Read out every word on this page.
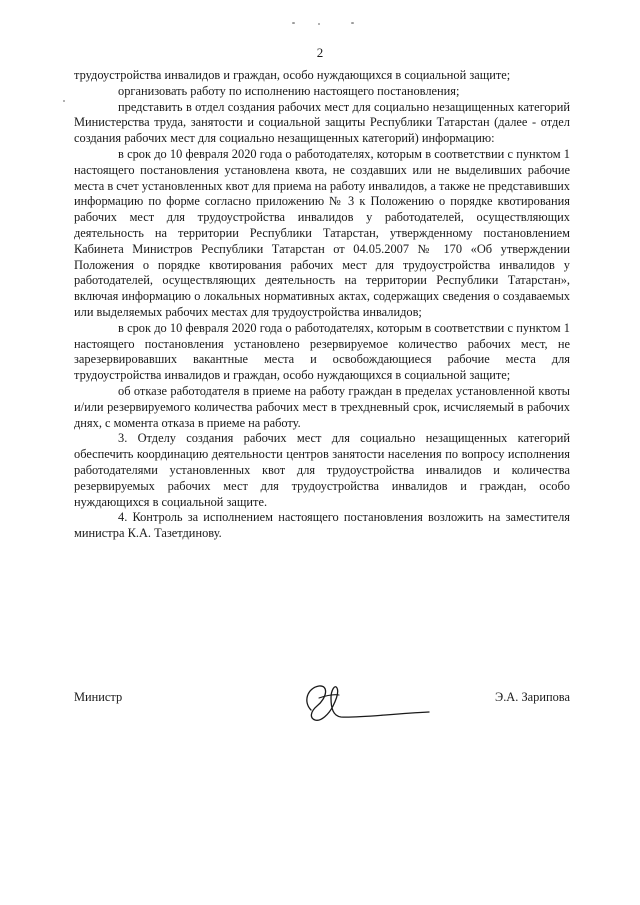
2

трудоустройства инвалидов и граждан, особо нуждающихся в социальной защите;

организовать работу по исполнению настоящего постановления;

представить в отдел создания рабочих мест для социально незащищенных категорий Министерства труда, занятости и социальной защиты Республики Татарстан (далее - отдел создания рабочих мест для социально незащищенных категорий) информацию:

в срок до 10 февраля 2020 года о работодателях, которым в соответствии с пунктом 1 настоящего постановления установлена квота, не создавших или не выделивших рабочие места в счет установленных квот для приема на работу инвалидов, а также не представивших информацию по форме согласно приложению № 3 к Положению о порядке квотирования рабочих мест для трудоустройства инвалидов у работодателей, осуществляющих деятельность на территории Республики Татарстан, утвержденному постановлением Кабинета Министров Республики Татарстан от 04.05.2007 № 170 «Об утверждении Положения о порядке квотирования рабочих мест для трудоустройства инвалидов у работодателей, осуществляющих деятельность на территории Республики Татарстан», включая информацию о локальных нормативных актах, содержащих сведения о создаваемых или выделяемых рабочих местах для трудоустройства инвалидов;

в срок до 10 февраля 2020 года о работодателях, которым в соответствии с пунктом 1 настоящего постановления установлено резервируемое количество рабочих мест, не зарезервировавших вакантные места и освобождающиеся рабочие места для трудоустройства инвалидов и граждан, особо нуждающихся в социальной защите;

об отказе работодателя в приеме на работу граждан в пределах установленной квоты и/или резервируемого количества рабочих мест в трехдневный срок, исчисляемый в рабочих днях, с момента отказа в приеме на работу.

3. Отделу создания рабочих мест для социально незащищенных категорий обеспечить координацию деятельности центров занятости населения по вопросу исполнения работодателями установленных квот для трудоустройства инвалидов и количества резервируемых рабочих мест для трудоустройства инвалидов и граждан, особо нуждающихся в социальной защите.

4. Контроль за исполнением настоящего постановления возложить на заместителя министра К.А. Тазетдинову.

Министр	Э.А. Зарипова
